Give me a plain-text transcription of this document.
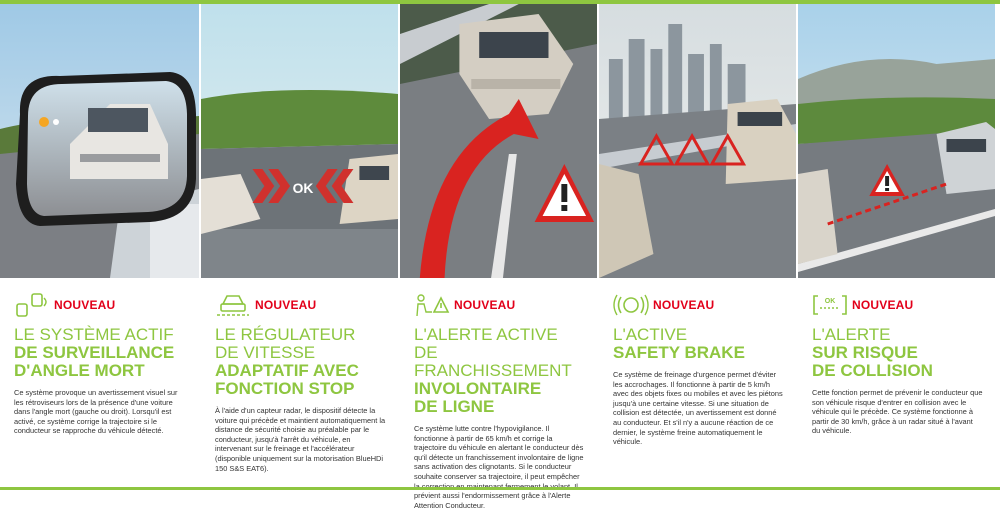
NOUVEAU
LE SYSTÈME ACTIF
DE SURVEILLANCE
D'ANGLE MORT
Ce système provoque un avertissement visuel sur les rétroviseurs lors de la présence d'une voiture dans l'angle mort (gauche ou droit). Lorsqu'il est activé, ce système corrige la trajectoire si le conducteur se rapproche du véhicule détecté.
OK
NOUVEAU
LE RÉGULATEUR
DE VITESSE
ADAPTATIF AVEC
FONCTION STOP
À l'aide d'un capteur radar, le dispositif détecte la voiture qui précède et maintient automatiquement la distance de sécurité choisie au préalable par le conducteur, jusqu'à l'arrêt du véhicule, en intervenant sur le freinage et l'accélérateur (disponible uniquement sur la motorisation BlueHDi 150 S&S EAT6).
NOUVEAU
L'ALERTE ACTIVE DE
FRANCHISSEMENT
INVOLONTAIRE
DE LIGNE
Ce système lutte contre l'hypovigilance. Il fonctionne à partir de 65 km/h et corrige la trajectoire du véhicule en alertant le conducteur dès qu'il détecte un franchissement involontaire de ligne sans activation des clignotants. Si le conducteur souhaite conserver sa trajectoire, il peut empêcher prévient aussi l'endormissement grâce à l'Alerte Attention Conducteur.
NOUVEAU
L'ACTIVE
SAFETY BRAKE
Ce système de freinage d'urgence permet d'éviter les accrochages. Il fonctionne à partir de 5 km/h avec des objets fixes ou mobiles et avec les piétons jusqu'à une certaine vitesse. Si une situation de collision est détectée, un avertissement est donné au conducteur. Et s'il n'y a aucune réaction de ce dernier, le système freine automatiquement le véhicule.
OK NOUVEAU
L'ALERTE
SUR RISQUE
DE COLLISION
Cette fonction permet de prévenir le conducteur que son véhicule risque d'entrer en collision avec le véhicule qui le précède. Ce système fonctionne à partir de 30 km/h, grâce à un radar situé à l'avant du véhicule.
